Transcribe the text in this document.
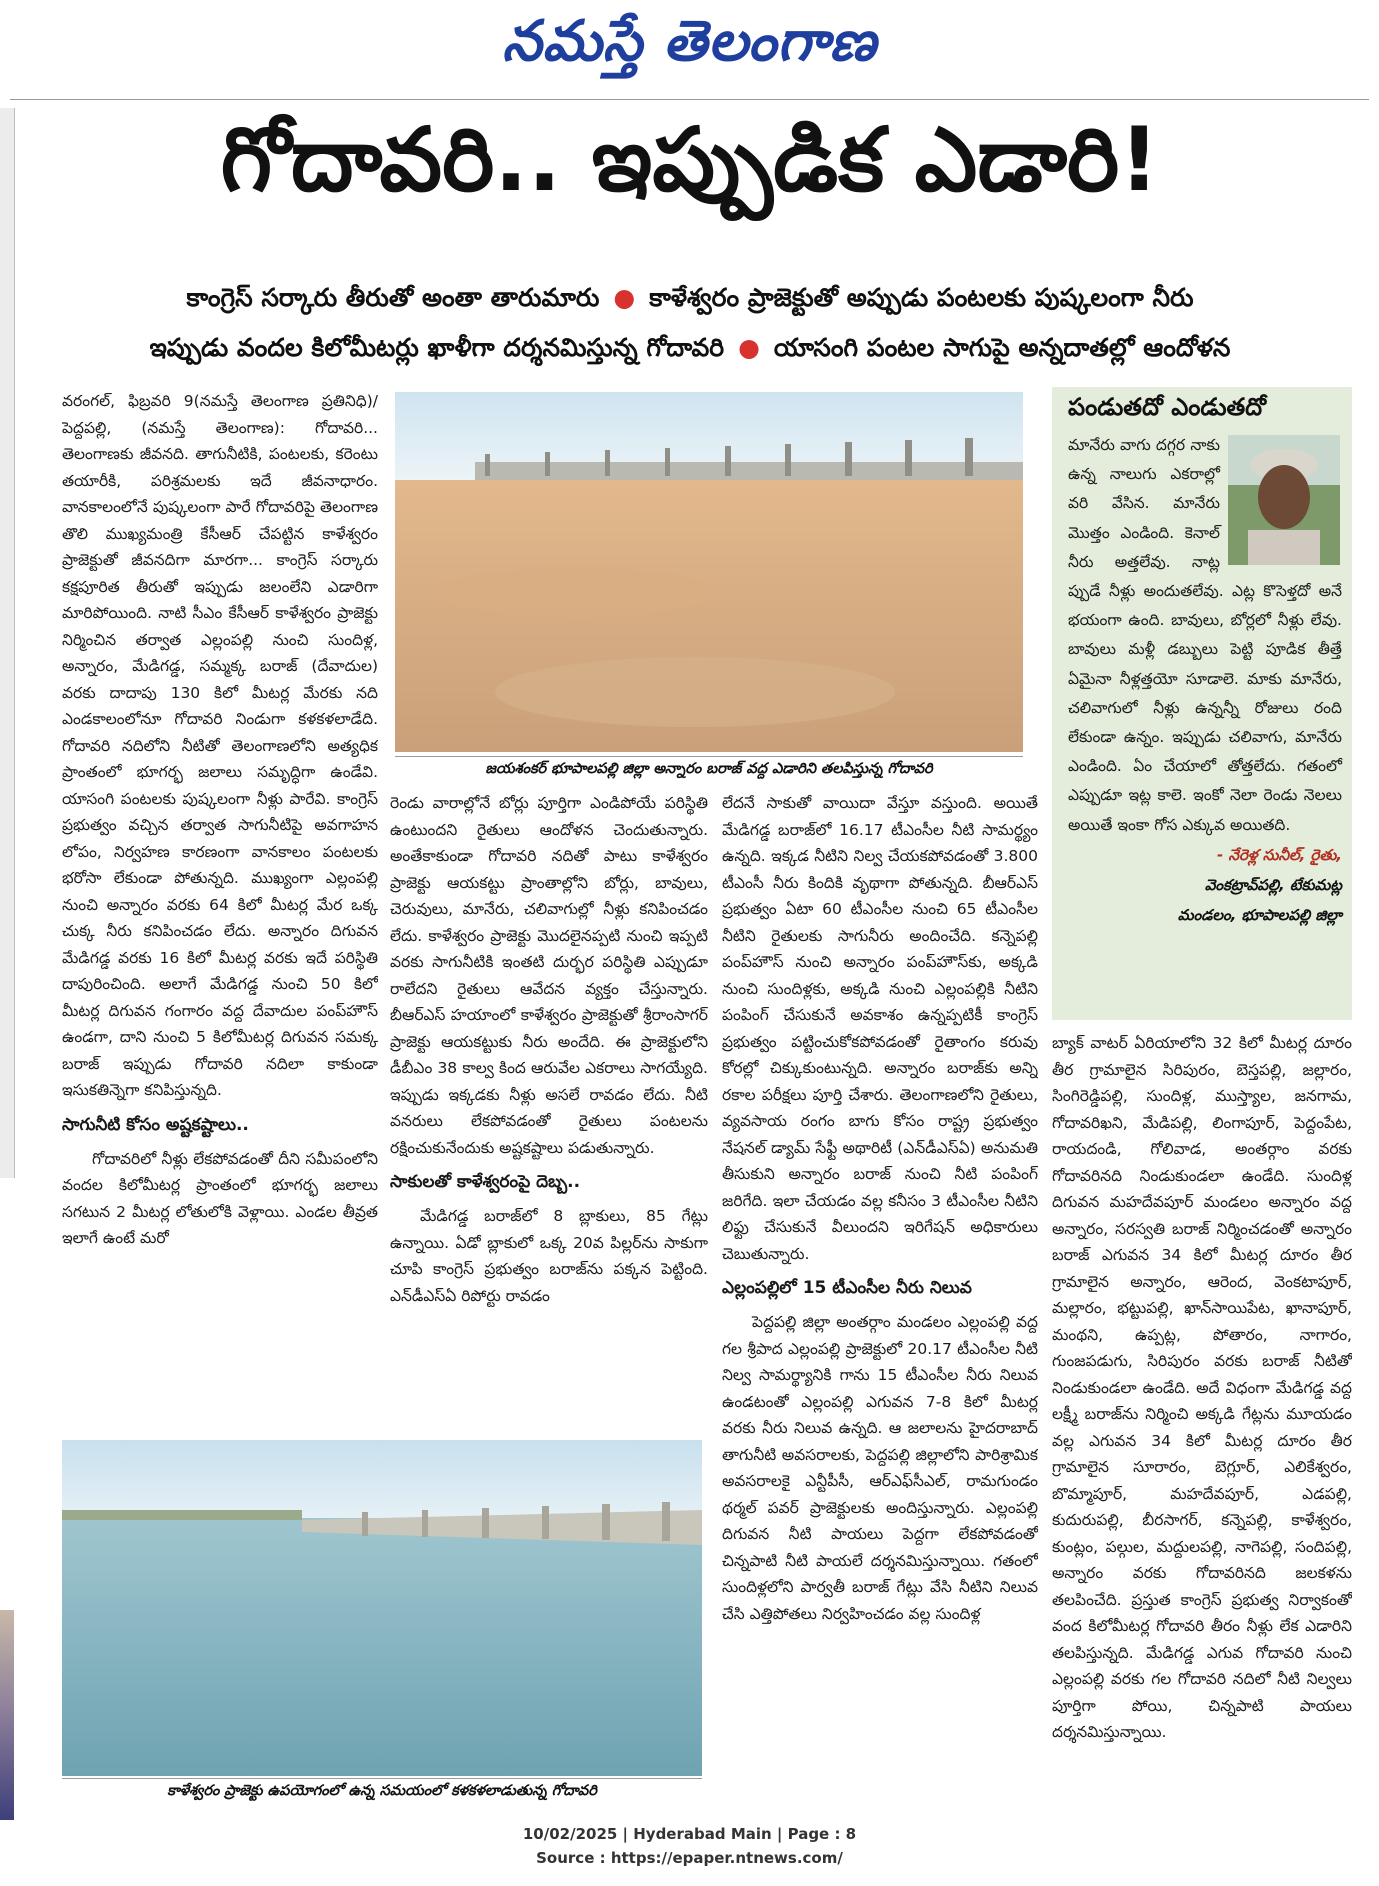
నమస్తే తెలంగాణ
గోదావరి.. ఇప్పుడిక ఎడారి!
కాంగ్రెస్ సర్కారు తీరుతో అంతా తారుమారు ● కాళేశ్వరం ప్రాజెక్టుతో అప్పుడు పంటలకు పుష్కలంగా నీరు
ఇప్పుడు వందల కిలోమీటర్లు ఖాళీగా దర్శనమిస్తున్న గోదావరి ● యాసంగి పంటల సాగుపై అన్నదాతల్లో ఆందోళన

వరంగల్, ఫిబ్రవరి 9(నమస్తే తెలంగాణ ప్రతినిధి)/పెద్దపల్లి, (నమస్తే తెలంగాణ): గోదావరి... తెలంగాణకు జీవనది. తాగునీటికి, పంటలకు, కరెంటు తయారీకి, పరిశ్రమలకు ఇదే జీవనాధారం. వానకాలంలోనే పుష్కలంగా పారే గోదావరిపై తెలంగాణ తొలి ముఖ్యమంత్రి కేసీఆర్ చేపట్టిన కాళేశ్వరం ప్రాజెక్టుతో జీవనదిగా మారగా... కాంగ్రెస్ సర్కారు కక్షపూరిత తీరుతో ఇప్పుడు జలంలేని ఎడారిగా మారిపోయింది. నాటి సీఎం కేసీఆర్ కాళేశ్వరం ప్రాజెక్టు నిర్మించిన తర్వాత ఎల్లంపల్లి నుంచి సుందిళ్ల, అన్నారం, మేడిగడ్డ, సమ్మక్క బరాజ్ (దేవాదుల) వరకు దాదాపు 130 కిలో మీటర్ల మేరకు నది ఎండకాలంలోనూ గోదావరి నిండుగా కళకళలాడేది. గోదావరి నదిలోని నీటితో తెలంగాణలోని అత్యధిక ప్రాంతంలో భూగర్భ జలాలు సమృద్ధిగా ఉండేవి. యాసంగి పంటలకు పుష్కలంగా నీళ్లు పారేవి. కాంగ్రెస్ ప్రభుత్వం వచ్చిన తర్వాత సాగునీటిపై అవగాహన లోపం, నిర్వహణ కారణంగా వానకాలం పంటలకు భరోసా లేకుండా పోతున్నది. ముఖ్యంగా ఎల్లంపల్లి నుంచి అన్నారం వరకు 64 కిలో మీటర్ల మేర ఒక్క చుక్క నీరు కనిపించడం లేదు. అన్నారం దిగువన మేడిగడ్డ వరకు 16 కిలో మీటర్ల వరకు ఇదే పరిస్థితి దాపురించింది. అలాగే మేడిగడ్డ నుంచి 50 కిలో మీటర్ల దిగువన గంగారం వద్ద దేవాదుల పంప్‌హౌస్ ఉండగా, దాని నుంచి 5 కిలోమీటర్ల దిగువన సమక్క బరాజ్ ఇప్పుడు గోదావరి నదిలా కాకుండా ఇసుకతిన్నెగా కనిపిస్తున్నది.

సాగునీటి కోసం అష్టకష్టాలు..

గోదావరిలో నీళ్లు లేకపోవడంతో దీని సమీపంలోని వందల కిలోమీటర్ల ప్రాంతంలో భూగర్భ జలాలు సగటున 2 మీటర్ల లోతులోకి వెళ్లాయి. ఎండల తీవ్రత ఇలాగే ఉంటే మరో

జయశంకర్ భూపాలపల్లి జిల్లా అన్నారం బరాజ్ వద్ద ఎడారిని తలపిస్తున్న గోదావరి

రెండు వారాల్లోనే బోర్లు పూర్తిగా ఎండిపోయే పరిస్థితి ఉంటుందని రైతులు ఆందోళన చెందుతున్నారు. అంతేకాకుండా గోదావరి నదితో పాటు కాళేశ్వరం ప్రాజెక్టు ఆయకట్టు ప్రాంతాల్లోని బోర్లు, బావులు, చెరువులు, మానేరు, చలివాగుల్లో నీళ్లు కనిపించడం లేదు. కాళేశ్వరం ప్రాజెక్టు మొదలైనప్పటి నుంచి ఇప్పటి వరకు సాగునీటికి ఇంతటి దుర్భర పరిస్థితి ఎప్పుడూ రాలేదని రైతులు ఆవేదన వ్యక్తం చేస్తున్నారు. బీఆర్ఎస్ హయాంలో కాళేశ్వరం ప్రాజెక్టుతో శ్రీరాంసాగర్ ప్రాజెక్టు ఆయకట్టుకు నీరు అందేది. ఈ ప్రాజెక్టులోని డీబీఎం 38 కాల్వ కింద ఆరువేల ఎకరాలు సాగయ్యేది. ఇప్పుడు ఇక్కడకు నీళ్లు అసలే రావడం లేదు. నీటి వనరులు లేకపోవడంతో రైతులు పంటలను రక్షించుకునేందుకు అష్టకష్టాలు పడుతున్నారు.

సాకులతో కాళేశ్వరంపై దెబ్బ..

మేడిగడ్డ బరాజ్‌లో 8 బ్లాకులు, 85 గేట్లు ఉన్నాయి. ఏడో బ్లాకులో ఒక్క 20వ పిల్లర్‌ను సాకుగా చూపి కాంగ్రెస్ ప్రభుత్వం బరాజ్‌ను పక్కన పెట్టింది. ఎన్‌డీఎస్ఏ రిపోర్టు రావడం

లేదనే సాకుతో వాయిదా వేస్తూ వస్తుంది. అయితే మేడిగడ్డ బరాజ్‌లో 16.17 టీఎంసీల నీటి సామర్థ్యం ఉన్నది. ఇక్కడ నీటిని నిల్వ చేయకపోవడంతో 3.800 టీఎంసీ నీరు కిందికి వృథాగా పోతున్నది. బీఆర్ఎస్ ప్రభుత్వం ఏటా 60 టీఎంసీల నుంచి 65 టీఎంసీల నీటిని రైతులకు సాగునీరు అందించేది. కన్నెపల్లి పంప్‌హౌస్ నుంచి అన్నారం పంప్‌హౌస్‌కు, అక్కడి నుంచి సుందిళ్లకు, అక్కడి నుంచి ఎల్లంపల్లికి నీటిని పంపింగ్ చేసుకునే అవకాశం ఉన్నప్పటికీ కాంగ్రెస్ ప్రభుత్వం పట్టించుకోకపోవడంతో రైతాంగం కరువు కోరల్లో చిక్కుకుంటున్నది. అన్నారం బరాజ్‌కు అన్ని రకాల పరీక్షలు పూర్తి చేశారు. తెలంగాణలోని రైతులు, వ్యవసాయ రంగం బాగు కోసం రాష్ట్ర ప్రభుత్వం నేషనల్ డ్యామ్ సేఫ్టీ అథారిటీ (ఎన్‌డీఎస్ఏ) అనుమతి తీసుకుని అన్నారం బరాజ్ నుంచి నీటి పంపింగ్ జరిగేది. ఇలా చేయడం వల్ల కనీసం 3 టీఎంసీల నీటిని లిఫ్టు చేసుకునే వీలుందని ఇరిగేషన్ అధికారులు చెబుతున్నారు.

ఎల్లంపల్లిలో 15 టీఎంసీల నీరు నిలువ

పెద్దపల్లి జిల్లా అంతర్గాం మండలం ఎల్లంపల్లి వద్ద గల శ్రీపాద ఎల్లంపల్లి ప్రాజెక్టులో 20.17 టీఎంసీల నీటి నిల్వ సామర్థ్యానికి గాను 15 టీఎంసీల నీరు నిలువ ఉండటంతో ఎల్లంపల్లి ఎగువన 7-8 కిలో మీటర్ల వరకు నీరు నిలువ ఉన్నది. ఆ జలాలను హైదరాబాద్ తాగునీటి అవసరాలకు, పెద్దపల్లి జిల్లాలోని పారిశ్రామిక అవసరాలకై ఎన్టీపీసీ, ఆర్‌ఎఫ్‌సీఎల్, రామగుండం థర్మల్ పవర్ ప్రాజెక్టులకు అందిస్తున్నారు. ఎల్లంపల్లి దిగువన నీటి పాయలు పెద్దగా లేకపోవడంతో చిన్నపాటి నీటి పాయలే దర్శనమిస్తున్నాయి. గతంలో సుందిళ్లలోని పార్వతీ బరాజ్ గేట్లు వేసి నీటిని నిలువ చేసి ఎత్తిపోతలు నిర్వహించడం వల్ల సుందిళ్ల

పండుతదో ఎండుతదో
మానేరు వాగు దగ్గర నాకు ఉన్న నాలుగు ఎకరాల్లో వరి వేసిన. మానేరు మొత్తం ఎండింది. కెనాల్ నీరు అత్తలేవు. నాట్ల ప్పుడే నీళ్లు అందుతలేవు. ఎట్ల కొసెళ్తదో అనే భయంగా ఉంది. బావులు, బోర్లలో నీళ్లు లేవు. బావులు మళ్లీ డబ్బులు పెట్టి పూడిక తీత్తే ఏమైనా నీళ్లత్తయో సూడాలె. మాకు మానేరు, చలివాగులో నీళ్లు ఉన్నన్నీ రోజులు రంది లేకుండా ఉన్నం. ఇప్పుడు చలివాగు, మానేరు ఎండింది. ఏం చేయాలో తోత్తలేదు. గతంలో ఎప్పుడూ ఇట్ల కాలె. ఇంకో నెలా రెండు నెలలు అయితే ఇంకా గోస ఎక్కువ అయితది.
- నేరెళ్ల సునీల్, రైతు,
వెంకట్రావ్‌పల్లి, టేకుమట్ల
మండలం, భూపాలపల్లి జిల్లా

బ్యాక్ వాటర్ ఏరియాలోని 32 కిలో మీటర్ల దూరం తీర గ్రామాలైన సిరిపురం, బెస్తపల్లి, జల్లారం, సింగిరెడ్డిపల్లి, సుందిళ్ల, ముస్త్యాల, జనగామ, గోదావరిఖని, మేడిపల్లి, లింగాపూర్, పెద్దంపేట, రాయదండి, గోలివాడ, అంతర్గాం వరకు గోదావరినది నిండుకుండలా ఉండేది. సుందిళ్ల దిగువన మహదేవపూర్ మండలం అన్నారం వద్ద అన్నారం, సరస్వతి బరాజ్ నిర్మించడంతో అన్నారం బరాజ్ ఎగువన 34 కిలో మీటర్ల దూరం తీర గ్రామాలైన అన్నారం, ఆరెంద, వెంకటాపూర్, మల్లారం, భట్టుపల్లి, ఖాన్‌సాయిపేట, ఖానాపూర్, మంథని, ఉప్పట్ల, పోతారం, నాగారం, గుంజపడుగు, సిరిపురం వరకు బరాజ్ నీటితో నిండుకుండలా ఉండేది. అదే విధంగా మేడిగడ్డ వద్ద లక్ష్మీ బరాజ్‌ను నిర్మించి అక్కడి గేట్లను మూయడం వల్ల ఎగువన 34 కిలో మీటర్ల దూరం తీర గ్రామాలైన సూరారం, బెగ్లూర్, ఎలికేశ్వరం, బొమ్మాపూర్, మహదేవపూర్, ఎడపల్లి, కుదురుపల్లి, బీరసాగర్, కన్నెపల్లి, కాళేశ్వరం, కుంట్లం, పల్గుల, మద్దులపల్లి, నాగెపల్లి, సందిపల్లి, అన్నారం వరకు గోదావరినది జలకళను తలపించేది. ప్రస్తుత కాంగ్రెస్ ప్రభుత్వ నిర్వాకంతో వంద కిలోమీటర్ల గోదావరి తీరం నీళ్లు లేక ఎడారిని తలపిస్తున్నది. మేడిగడ్డ ఎగువ గోదావరి నుంచి ఎల్లంపల్లి వరకు గల గోదావరి నదిలో నీటి నిల్వలు పూర్తిగా పోయి, చిన్నపాటి పాయలు దర్శనమిస్తున్నాయి.

కాళేశ్వరం ప్రాజెక్టు ఉపయోగంలో ఉన్న సమయంలో కళకళలాడుతున్న గోదావరి
10/02/2025 | Hyderabad Main | Page : 8
Source : https://epaper.ntnews.com/
